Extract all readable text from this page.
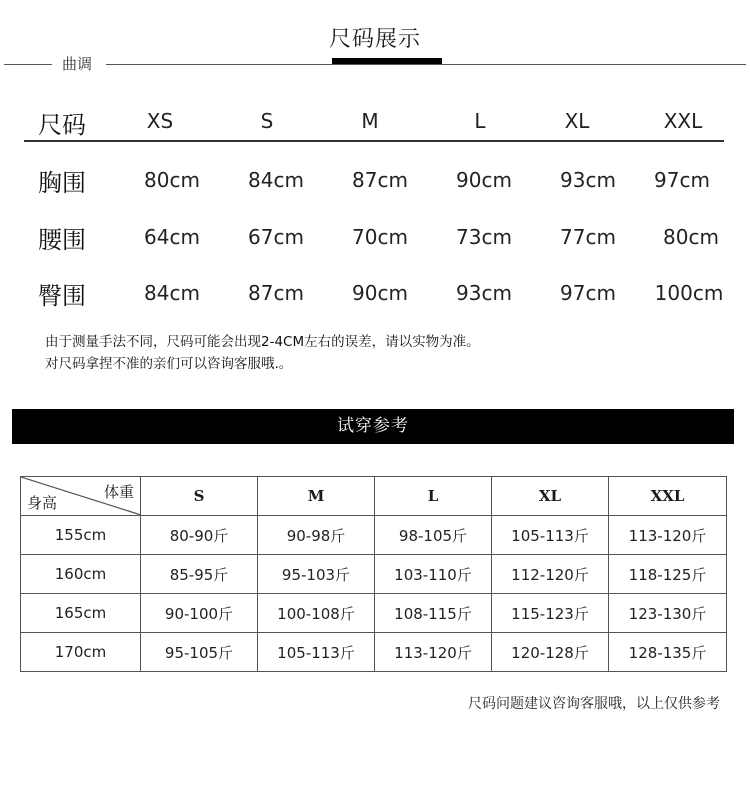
尺码展示
曲调
尺码	XS	S	M	L	XL	XXL
胸围	80cm	84cm	87cm	90cm	93cm	97cm
腰围	64cm	67cm	70cm	73cm	77cm	80cm
臀围	84cm	87cm	90cm	93cm	97cm	100cm
由于测量手法不同，尺码可能会出现2-4CM左右的误差，请以实物为准。
对尺码拿捏不准的亲们可以咨询客服哦.。
试穿参考
体重
身高	S	M	L	XL	XXL
155cm	80-90斤	90-98斤	98-105斤	105-113斤	113-120斤
160cm	85-95斤	95-103斤	103-110斤	112-120斤	118-125斤
165cm	90-100斤	100-108斤	108-115斤	115-123斤	123-130斤
170cm	95-105斤	105-113斤	113-120斤	120-128斤	128-135斤
尺码问题建议咨询客服哦，以上仅供参考
